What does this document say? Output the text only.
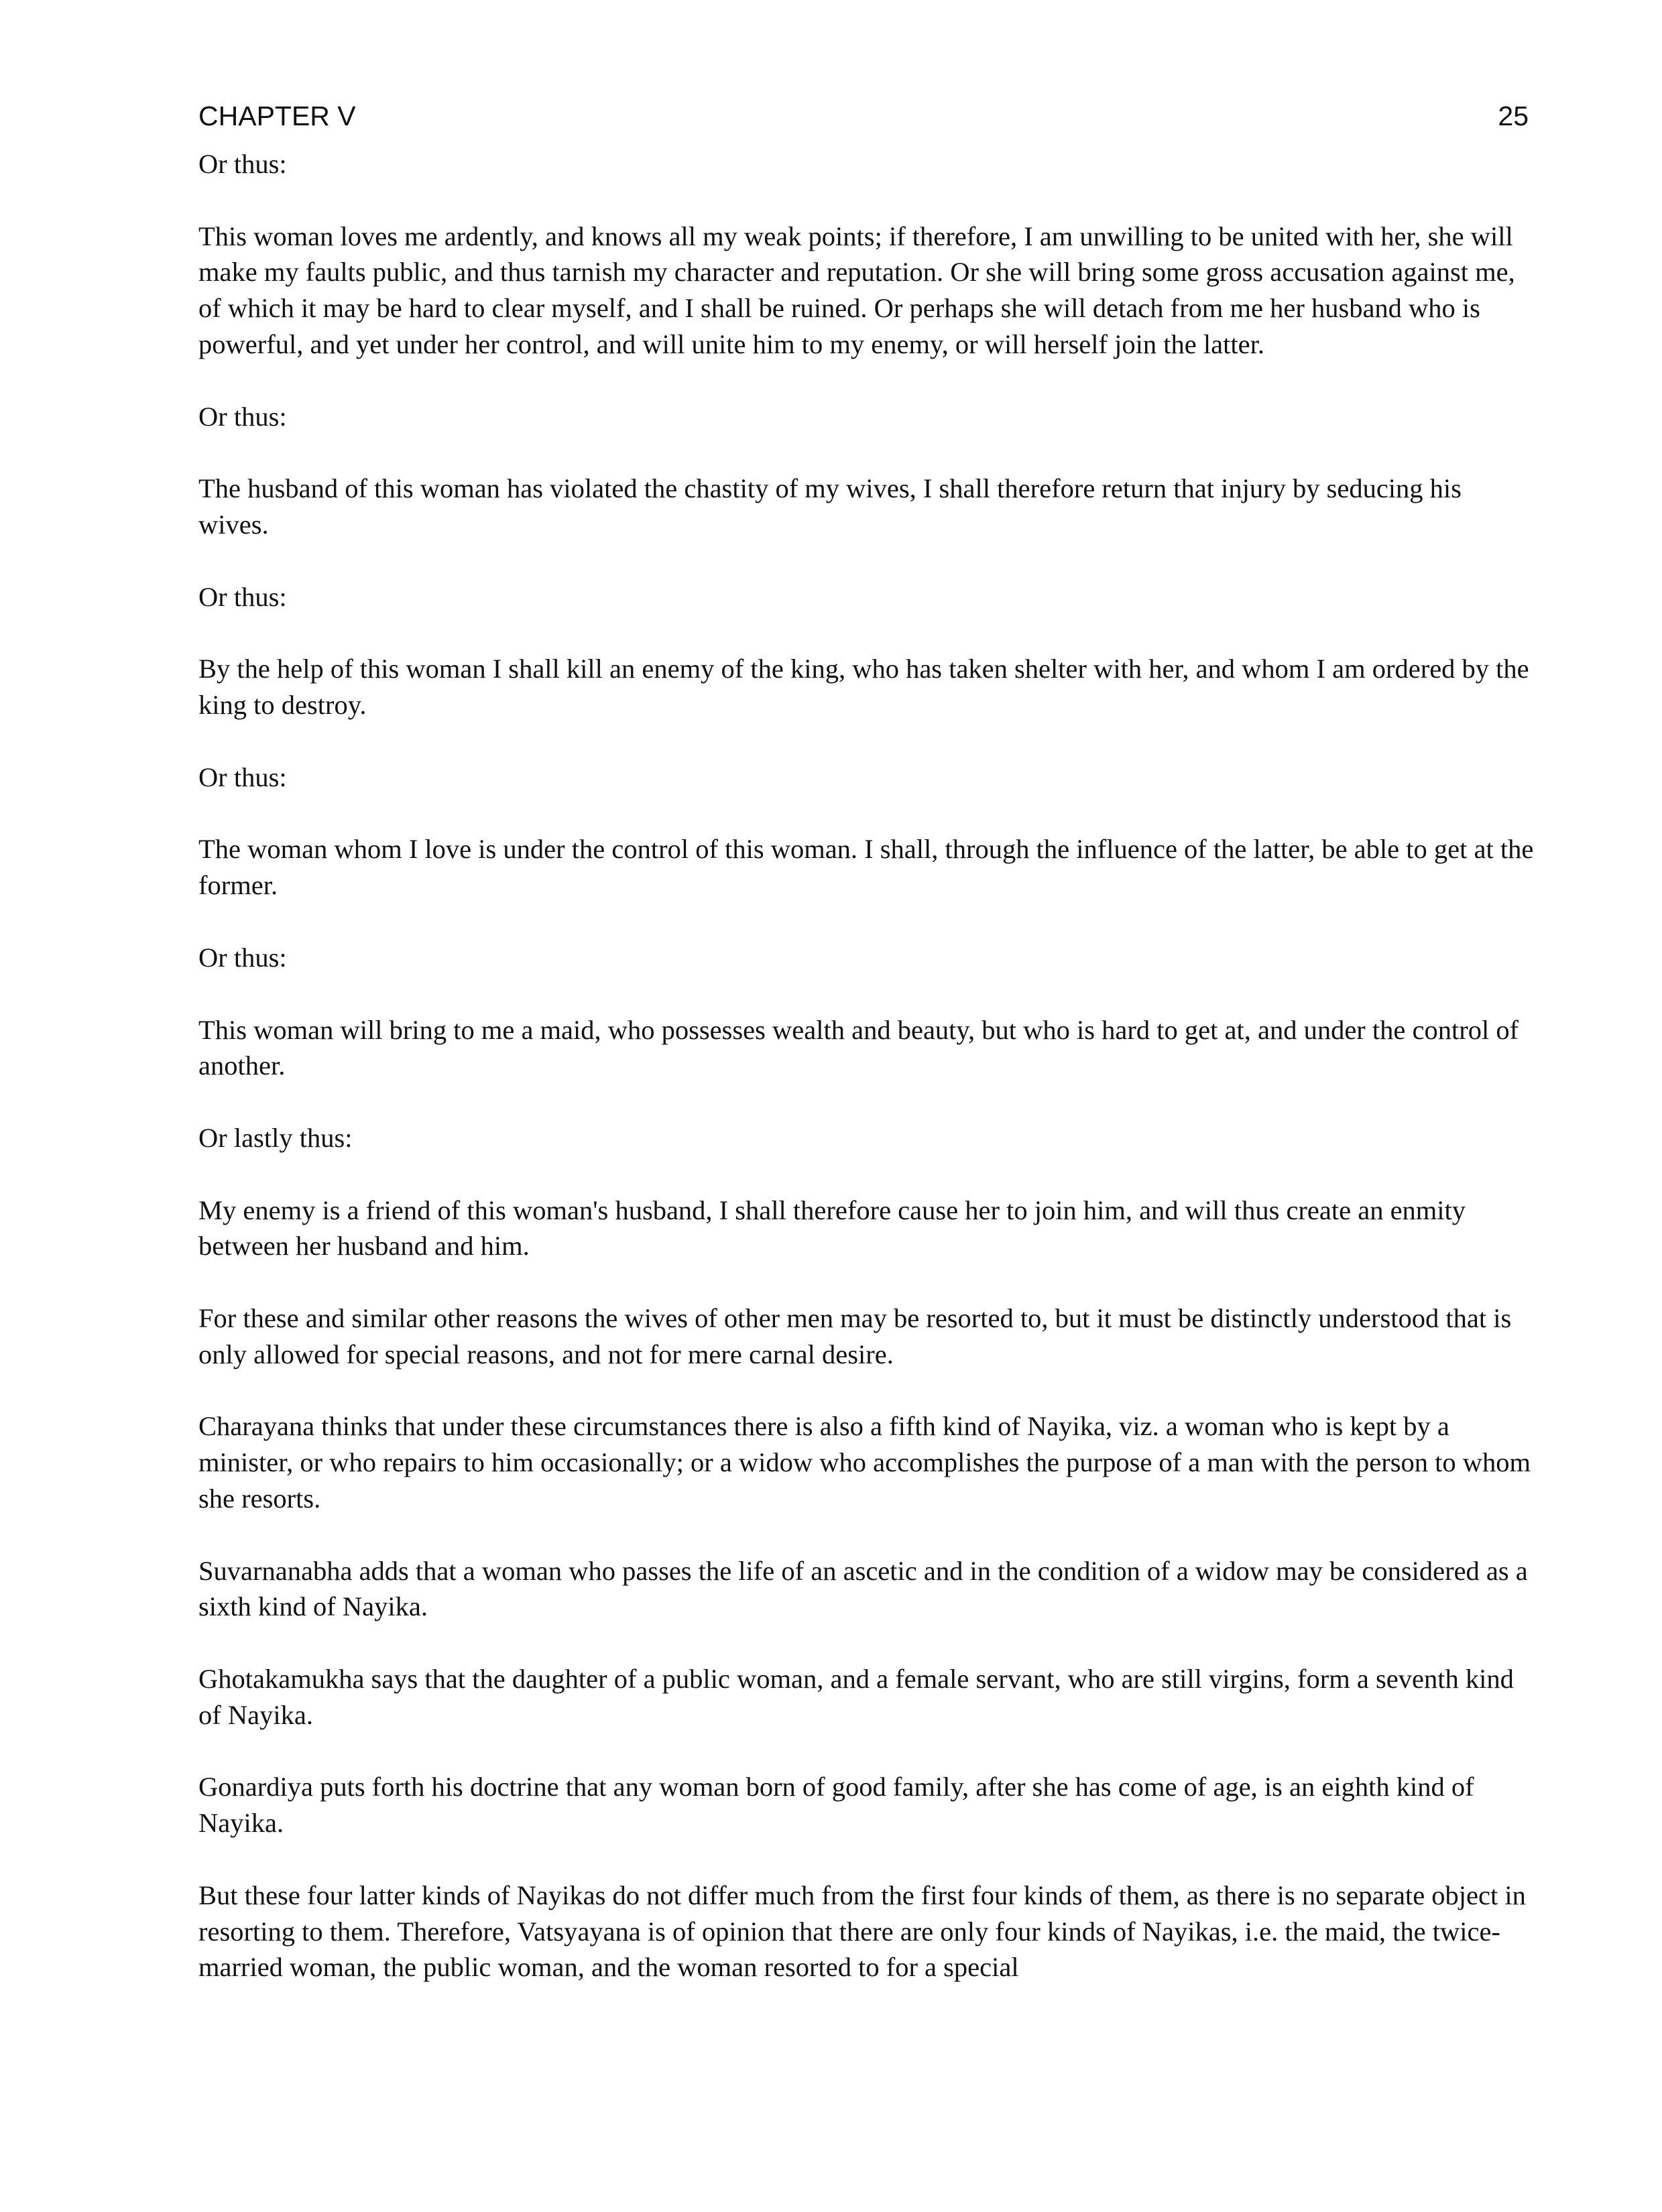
CHAPTER V	25

Or thus:

This woman loves me ardently, and knows all my weak points; if therefore, I am unwilling to be united with her, she will make my faults public, and thus tarnish my character and reputation. Or she will bring some gross accusation against me, of which it may be hard to clear myself, and I shall be ruined. Or perhaps she will detach from me her husband who is powerful, and yet under her control, and will unite him to my enemy, or will herself join the latter.

Or thus:

The husband of this woman has violated the chastity of my wives, I shall therefore return that injury by seducing his wives.

Or thus:

By the help of this woman I shall kill an enemy of the king, who has taken shelter with her, and whom I am ordered by the king to destroy.

Or thus:

The woman whom I love is under the control of this woman. I shall, through the influence of the latter, be able to get at the former.

Or thus:

This woman will bring to me a maid, who possesses wealth and beauty, but who is hard to get at, and under the control of another.

Or lastly thus:

My enemy is a friend of this woman's husband, I shall therefore cause her to join him, and will thus create an enmity between her husband and him.

For these and similar other reasons the wives of other men may be resorted to, but it must be distinctly understood that is only allowed for special reasons, and not for mere carnal desire.

Charayana thinks that under these circumstances there is also a fifth kind of Nayika, viz. a woman who is kept by a minister, or who repairs to him occasionally; or a widow who accomplishes the purpose of a man with the person to whom she resorts.

Suvarnanabha adds that a woman who passes the life of an ascetic and in the condition of a widow may be considered as a sixth kind of Nayika.

Ghotakamukha says that the daughter of a public woman, and a female servant, who are still virgins, form a seventh kind of Nayika.

Gonardiya puts forth his doctrine that any woman born of good family, after she has come of age, is an eighth kind of Nayika.

But these four latter kinds of Nayikas do not differ much from the first four kinds of them, as there is no separate object in resorting to them. Therefore, Vatsyayana is of opinion that there are only four kinds of Nayikas, i.e. the maid, the twice-married woman, the public woman, and the woman resorted to for a special
